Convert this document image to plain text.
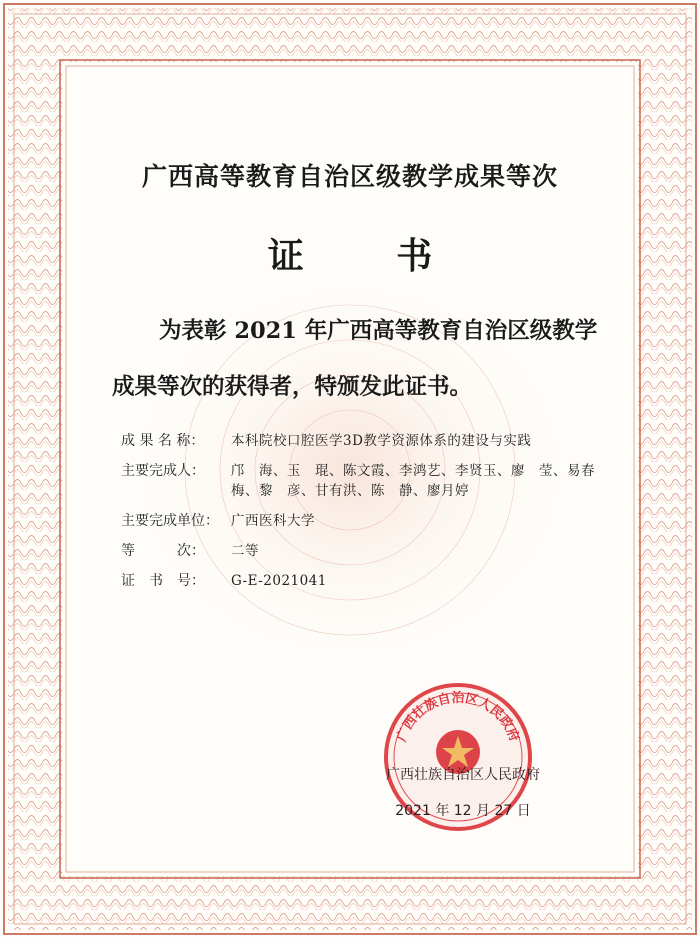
广西高等教育自治区级教学成果等次
证 书
为表彰 2021 年广西高等教育自治区级教学成果等次的获得者，特颁发此证书。
成 果 名 称：	本科院校口腔医学3D教学资源体系的建设与实践
主要完成人：	邝　海、玉　琨、陈文霞、李鸿艺、李贤玉、廖　莹、易春梅、黎　彦、甘有洪、陈　静、廖月婷
主要完成单位： 广西医科大学
等　　　次：	二等
证　书　号：	G-E-2021041
广西壮族自治区人民政府
广西壮族自治区人民政府
2021 年 12 月 27 日
